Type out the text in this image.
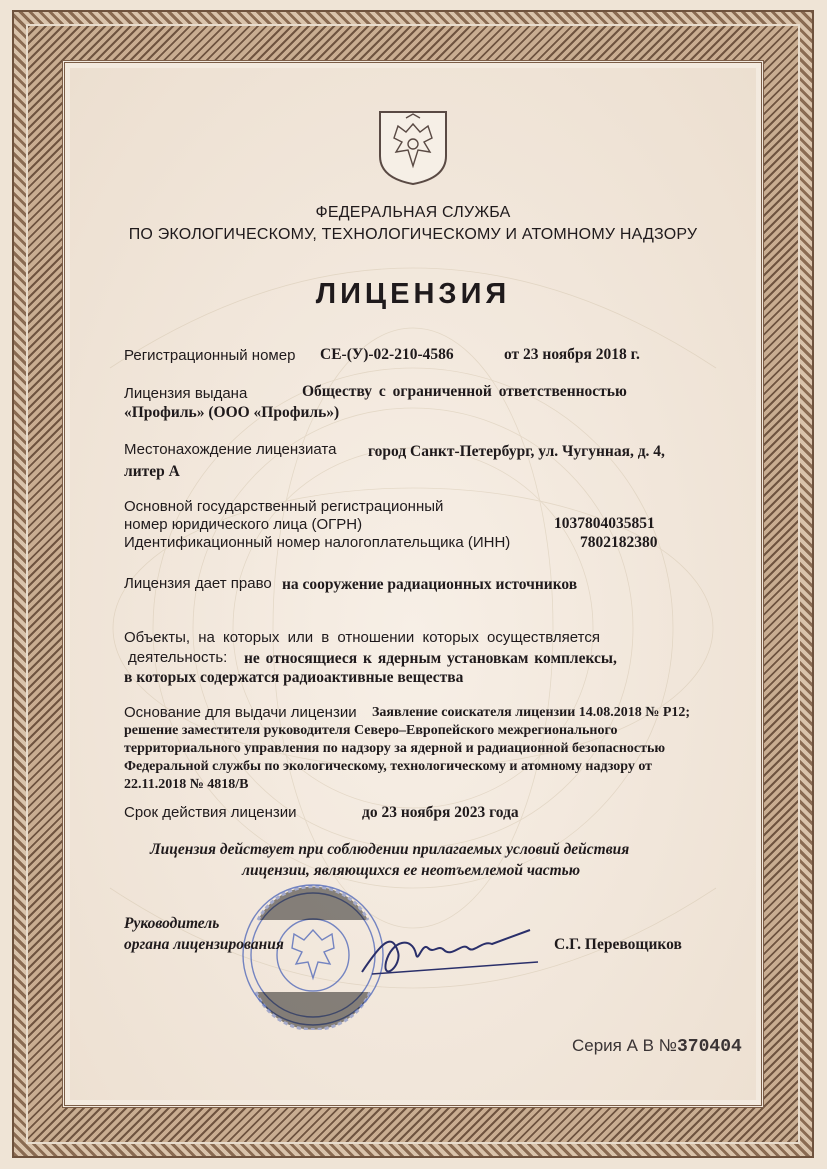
ФЕДЕРАЛЬНАЯ СЛУЖБА
ПО ЭКОЛОГИЧЕСКОМУ, ТЕХНОЛОГИЧЕСКОМУ И АТОМНОМУ НАДЗОРУ
ЛИЦЕНЗИЯ
Регистрационный номер СЕ-(У)-02-210-4586	от 23 ноября 2018 г.
Лицензия выдана	Обществу с ограниченной ответственностью
«Профиль» (ООО «Профиль»)
Местонахождение лицензиата город Санкт-Петербург, ул. Чугунная, д. 4,
литер А
Основной государственный регистрационный
номер юридического лица (ОГРН)	1037804035851
Идентификационный номер налогоплательщика (ИНН)	7802182380
Лицензия дает право на сооружение радиационных источников
Объекты, на которых или в отношении которых осуществляется
деятельность: не относящиеся к ядерным установкам комплексы,
в которых содержатся радиоактивные вещества
Основание для выдачи лицензии Заявление соискателя лицензии 14.08.2018 № Р12;
решение заместителя руководителя Северо–Европейского межрегионального
территориального управления по надзору за ядерной и радиационной безопасностью
Федеральной службы по экологическому, технологическому и атомному надзору от
22.11.2018 № 4818/В
Срок действия лицензии	до 23 ноября 2023 года
Лицензия действует при соблюдении прилагаемых условий действия
лицензии, являющихся ее неотъемлемой частью
Руководитель
органа лицензирования	С.Г. Перевощиков
Серия А В №370404
